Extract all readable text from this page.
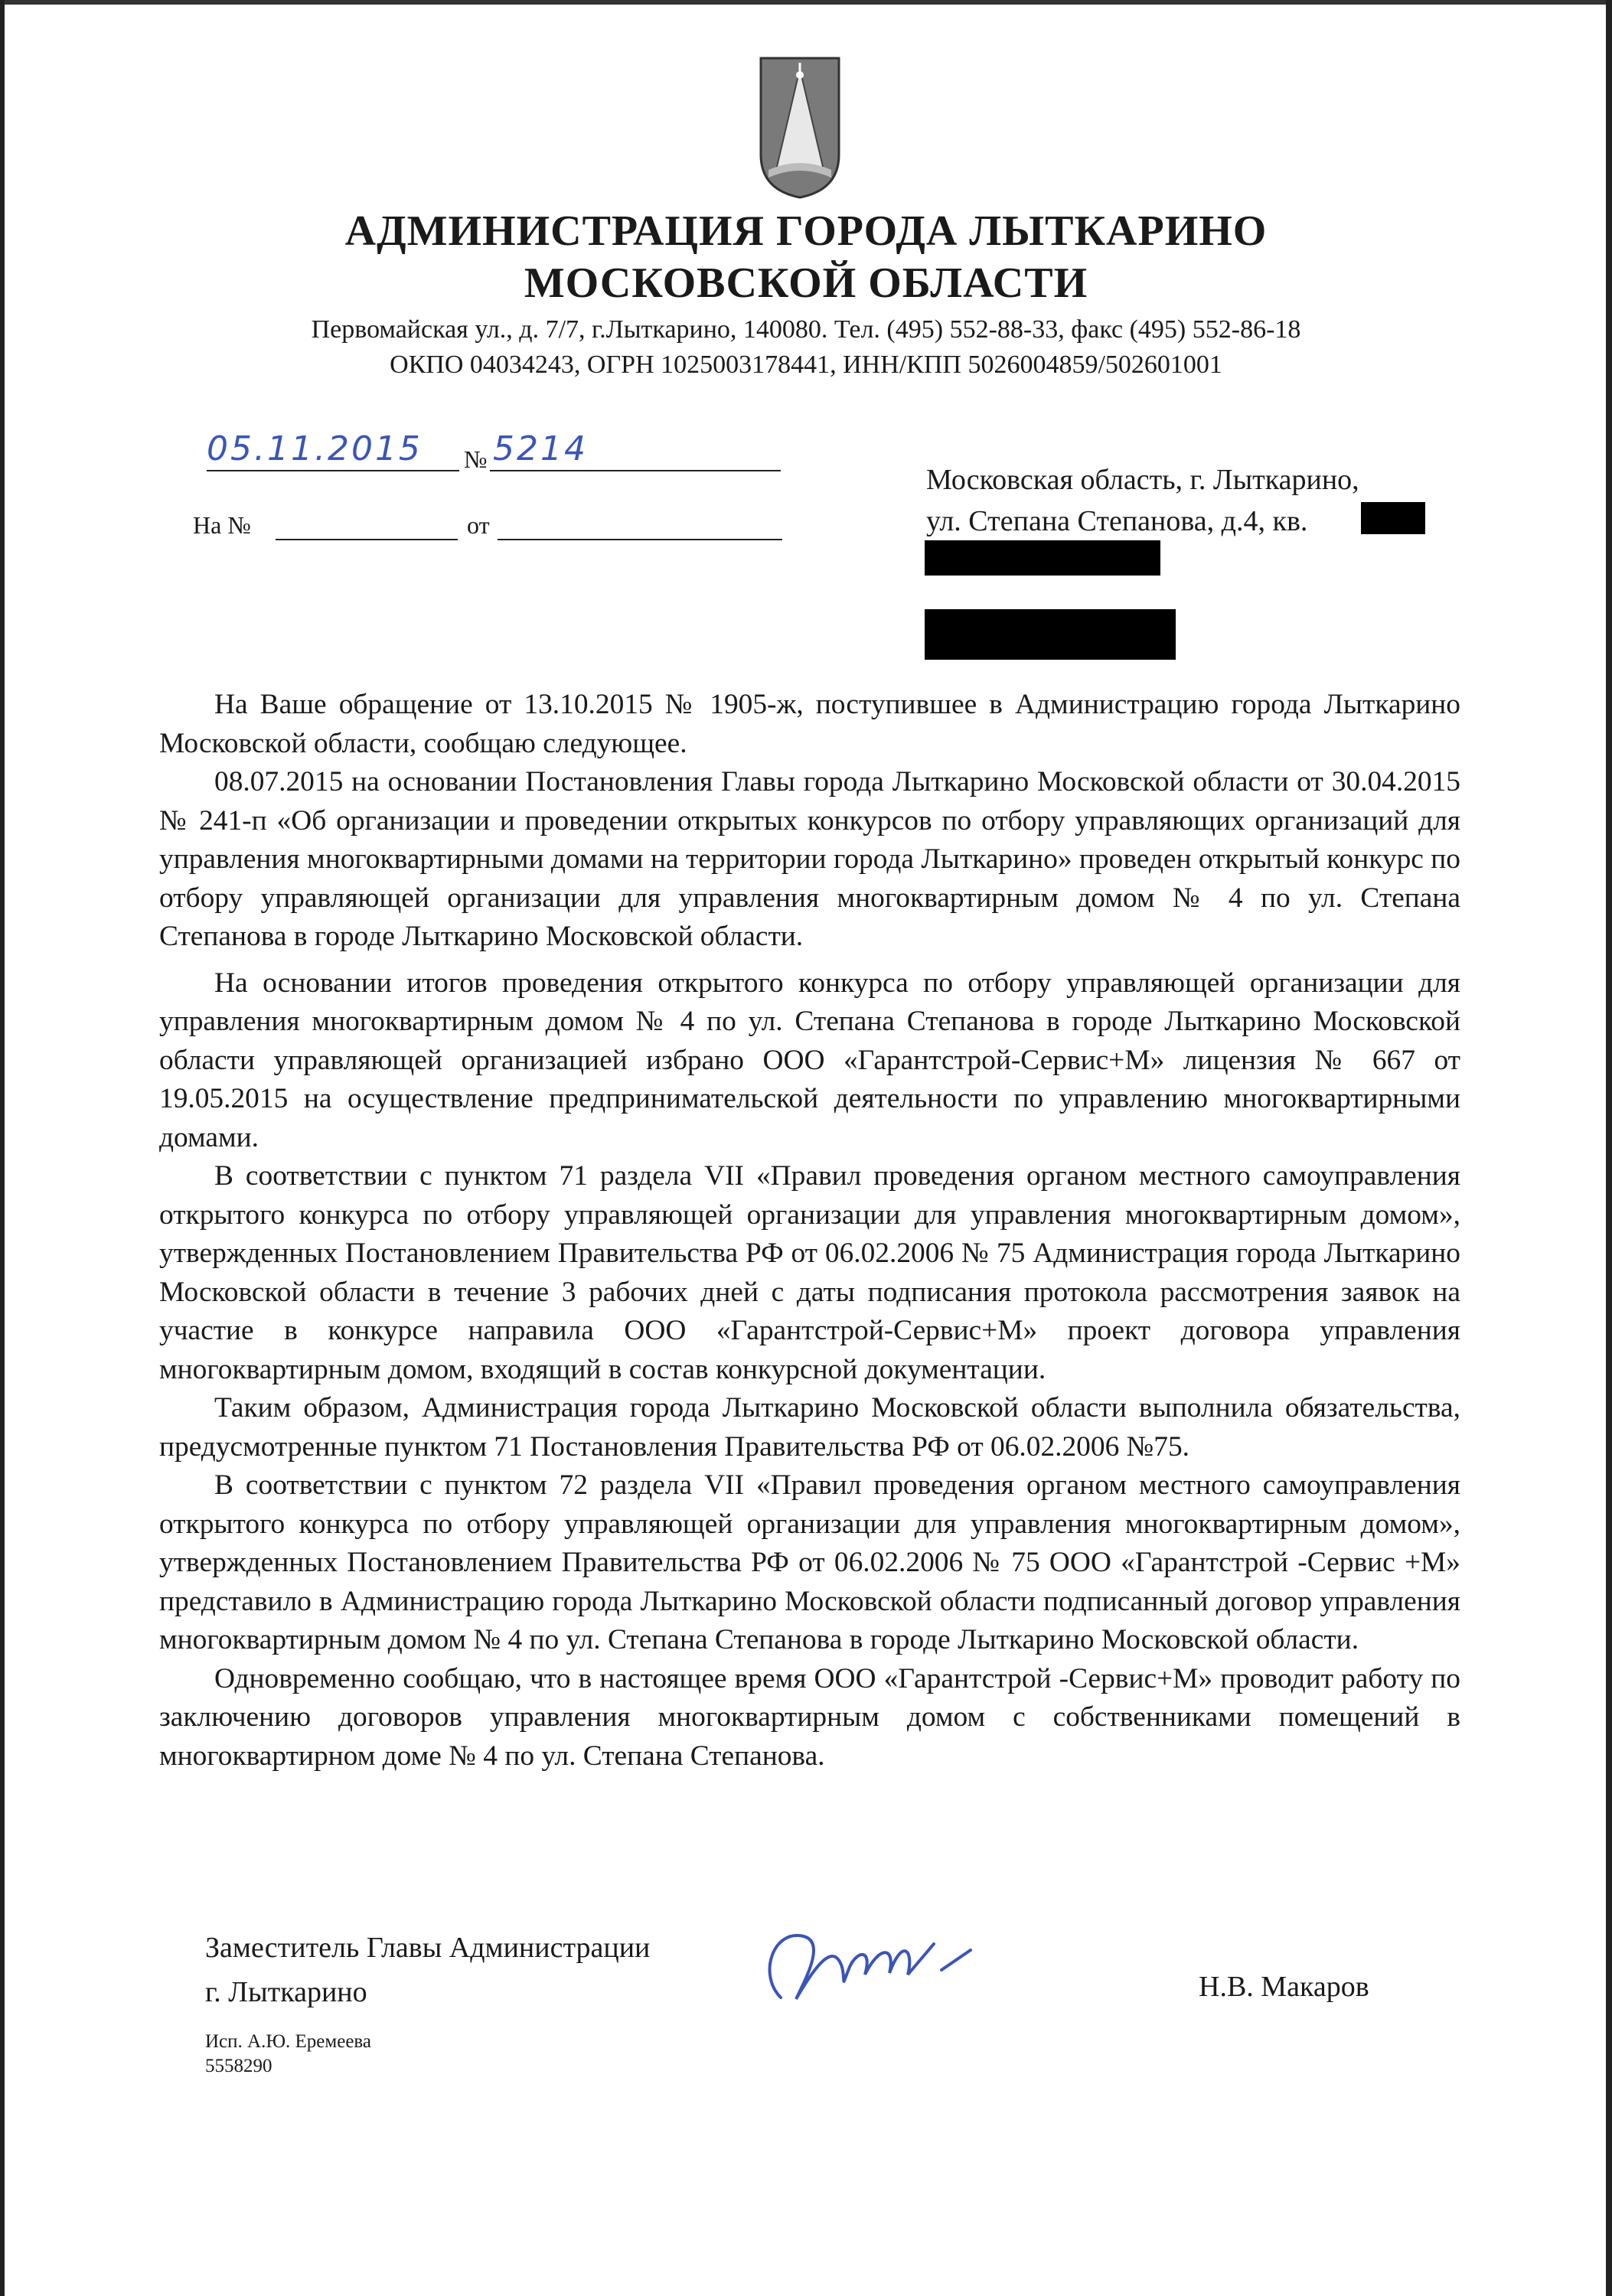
АДМИНИСТРАЦИЯ ГОРОДА ЛЫТКАРИНО
МОСКОВСКОЙ ОБЛАСТИ
Первомайская ул., д. 7/7, г.Лыткарино, 140080. Тел. (495) 552-88-33, факс (495) 552-86-18
ОКПО 04034243, ОГРН 1025003178441, ИНН/КПП 5026004859/502601001
05.11.2015 № 5214
На №	от
Московская область, г. Лыткарино,
ул. Степана Степанова, д.4, кв.

На Ваше обращение от 13.10.2015 № 1905-ж, поступившее в Администрацию города Лыткарино Московской области, сообщаю следующее.

08.07.2015 на основании Постановления Главы города Лыткарино Московской области от 30.04.2015 № 241-п «Об организации и проведении открытых конкурсов по отбору управляющих организаций для управления многоквартирными домами на территории города Лыткарино» проведен открытый конкурс по отбору управляющей организации для управления многоквартирным домом № 4 по ул. Степана Степанова в городе Лыткарино Московской области.

На основании итогов проведения открытого конкурса по отбору управляющей организации для управления многоквартирным домом № 4 по ул. Степана Степанова в городе Лыткарино Московской области управляющей организацией избрано ООО «Гарантстрой-Сервис+М» лицензия № 667 от 19.05.2015 на осуществление предпринимательской деятельности по управлению многоквартирными домами.

В соответствии с пунктом 71 раздела VII «Правил проведения органом местного самоуправления открытого конкурса по отбору управляющей организации для управления многоквартирным домом», утвержденных Постановлением Правительства РФ от 06.02.2006 № 75 Администрация города Лыткарино Московской области в течение 3 рабочих дней с даты подписания протокола рассмотрения заявок на участие в конкурсе направила ООО «Гарантстрой-Сервис+М» проект договора управления многоквартирным домом, входящий в состав конкурсной документации.

Таким образом, Администрация города Лыткарино Московской области выполнила обязательства, предусмотренные пунктом 71 Постановления Правительства РФ от 06.02.2006 №75.

В соответствии с пунктом 72 раздела VII «Правил проведения органом местного самоуправления открытого конкурса по отбору управляющей организации для управления многоквартирным домом», утвержденных Постановлением Правительства РФ от 06.02.2006 № 75 ООО «Гарантстрой -Сервис +М» представило в Администрацию города Лыткарино Московской области подписанный договор управления многоквартирным домом № 4 по ул. Степана Степанова в городе Лыткарино Московской области.

Одновременно сообщаю, что в настоящее время ООО «Гарантстрой -Сервис+М» проводит работу по заключению договоров управления многоквартирным домом с собственниками помещений в многоквартирном доме № 4 по ул. Степана Степанова.

Заместитель Главы Администрации
г. Лыткарино	Н.В. Макаров
Исп. А.Ю. Еремеева
5558290
